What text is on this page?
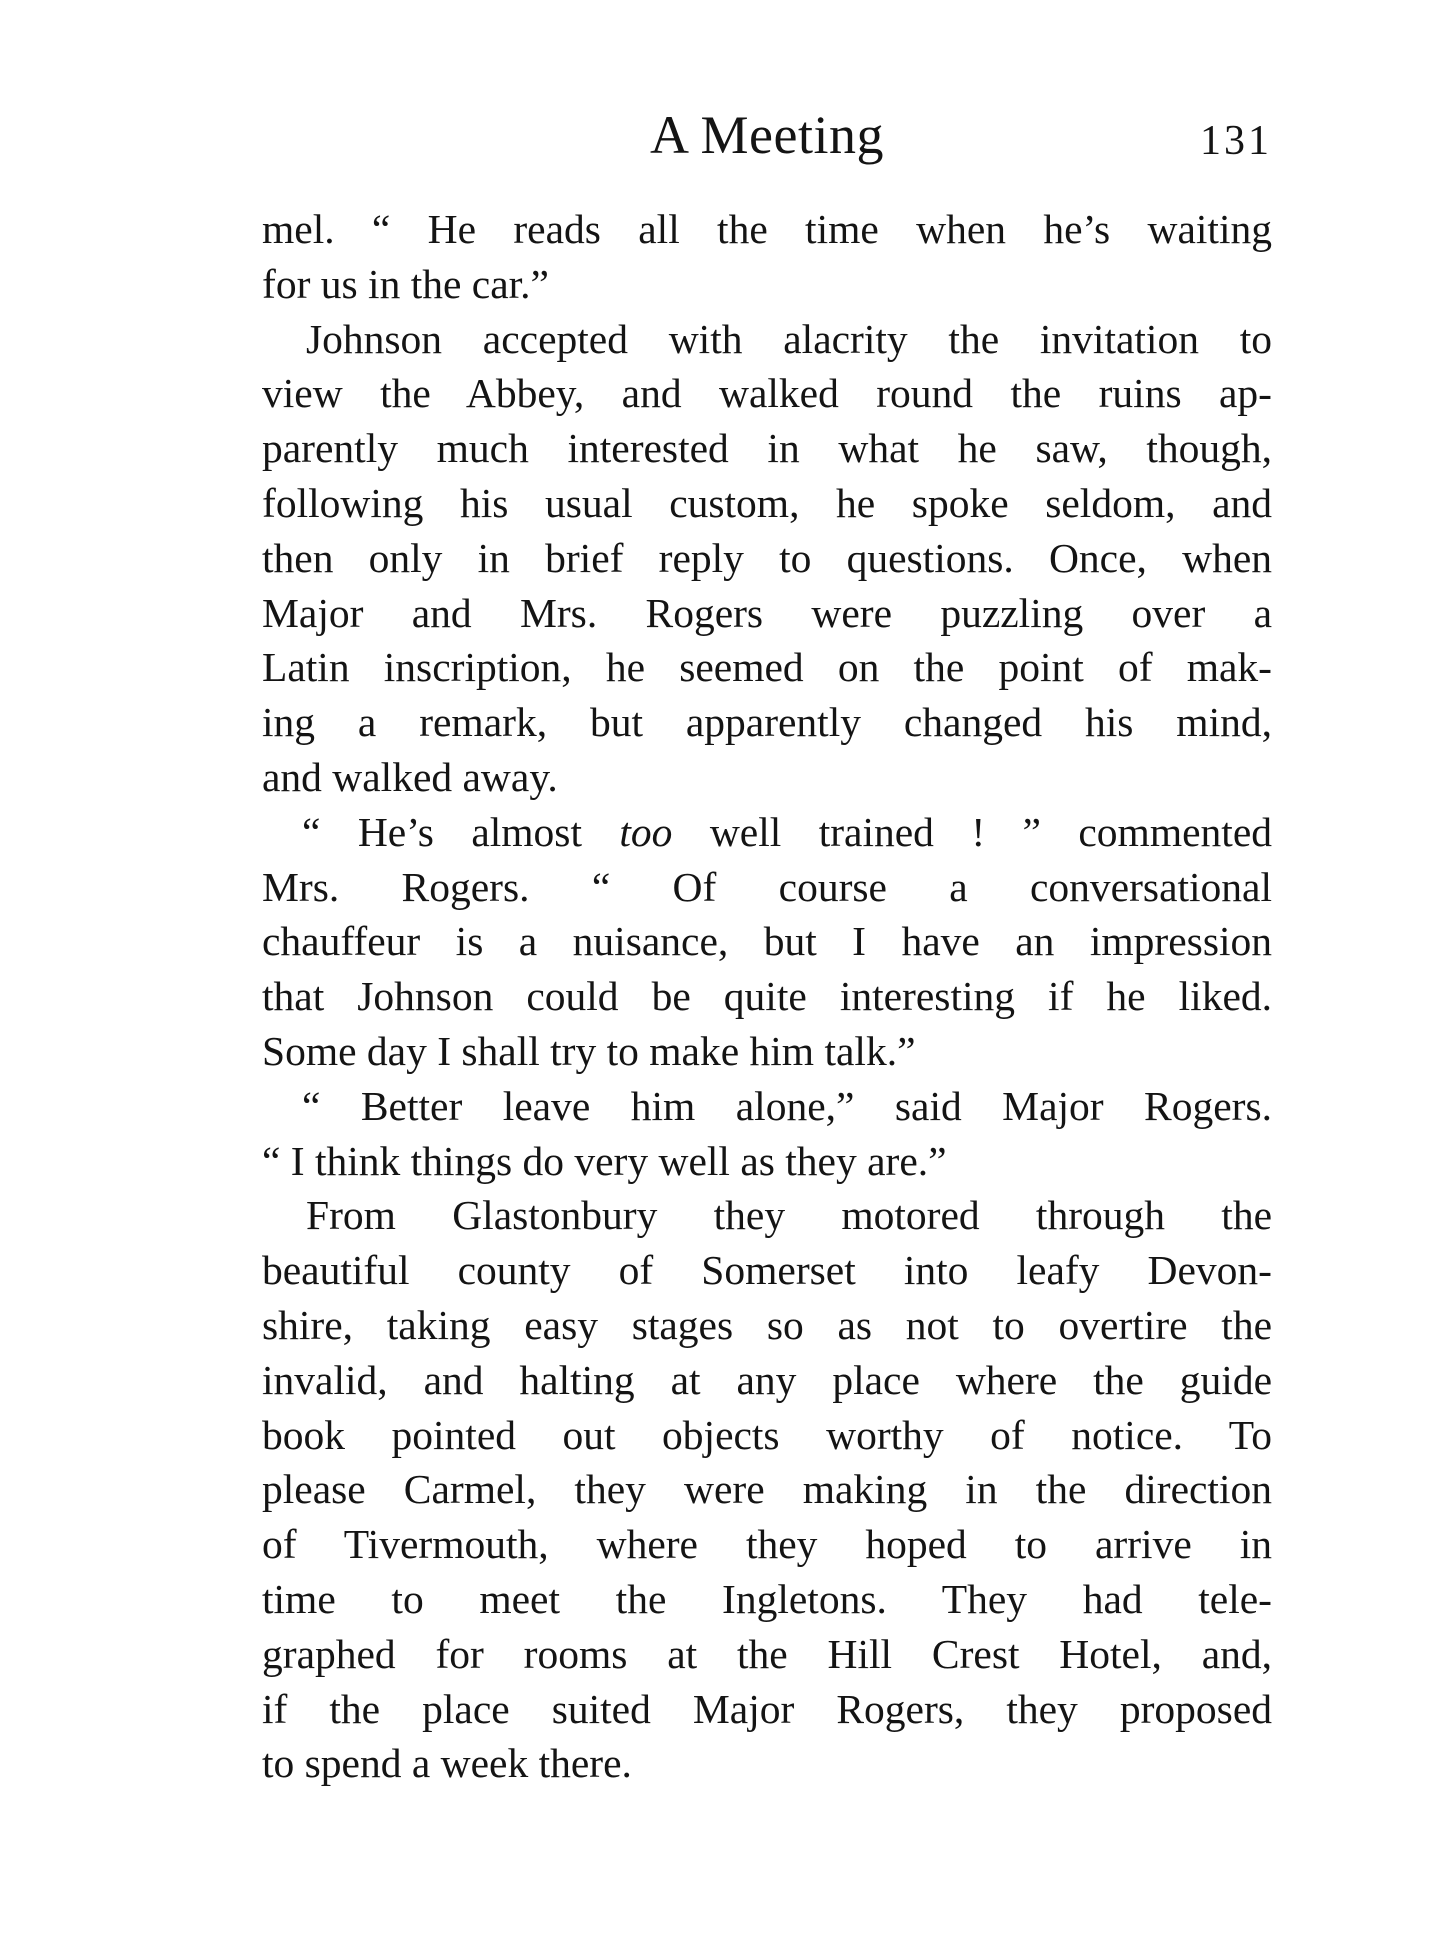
A Meeting	131
mel. “ He reads all the time when he’s waiting
for us in the car.”
Johnson accepted with alacrity the invitation to
view the Abbey, and walked round the ruins ap-
parently much interested in what he saw, though,
following his usual custom, he spoke seldom, and
then only in brief reply to questions. Once, when
Major and Mrs. Rogers were puzzling over a
Latin inscription, he seemed on the point of mak-
ing a remark, but apparently changed his mind,
and walked away.
“ He’s almost too well trained ! ” commented
Mrs. Rogers. “ Of course a conversational
chauffeur is a nuisance, but I have an impression
that Johnson could be quite interesting if he liked.
Some day I shall try to make him talk.”
“ Better leave him alone,” said Major Rogers.
“ I think things do very well as they are.”
From Glastonbury they motored through the
beautiful county of Somerset into leafy Devon-
shire, taking easy stages so as not to overtire the
invalid, and halting at any place where the guide
book pointed out objects worthy of notice. To
please Carmel, they were making in the direction
of Tivermouth, where they hoped to arrive in
time to meet the Ingletons. They had tele-
graphed for rooms at the Hill Crest Hotel, and,
if the place suited Major Rogers, they proposed
to spend a week there.
